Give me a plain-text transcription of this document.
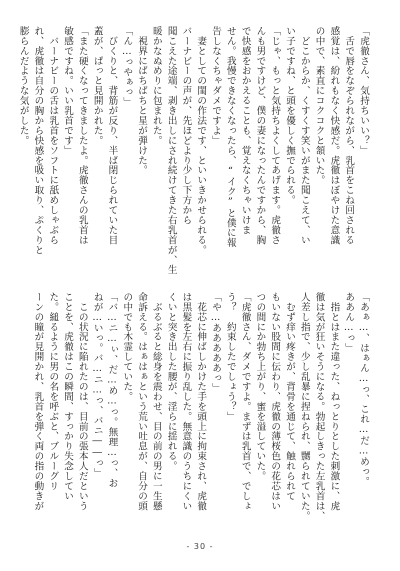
「虎徹さん、気持ちいい？」
　舌で唇をなぞられながら、乳首をこね回される
感覚は、紛れもなく快感だ。虎徹はぼやけた意識
の中で、素直にコクコクと頷いた。
　どこからか、くすくす笑いがまた聞こえて、い
い子ですね、と頭を優しく撫でられる。
「じゃ、もっと気持ちよくしてあげます。虎徹さ
んも男ですけど、僕の妻になったんですから、胸
で快感をおかえることも、覚えなくちゃいけま
せん。我慢できなくなったら、“イク”と僕に報
告しなくちゃダメですよ」
　妻としての閨の作法です、といいきかせられる。
バーナビーの声が、先ほどより少し下方から
聞こえた途端、剥き出しにされ続けてきた右乳首が、生
暖かなぬめりに包まれた。
　視界にばちばちと星が弾けた。
「ん…っやぁっ」
　びくりと、背筋が反り、半ば閉じられていた目
蓋が、ぱっと見開かれた。
「また硬くなってきましたよ。虎徹さんの乳首は
敏感ですね。いい乳首です」
　バーナビーの舌は乳首をソフトに舐めしゃぶら
れ、虎徹は自分の胸から快感を吸い取り、ぷくりと
膨らんだような気がした。
「あぁ…、はぁん…っ、これ…だ…めっ。
ああん…っ」
　指とはまた違った、ねっとりとした刺激に、虎
徹は気が狂いそうになる。勃起しきった左乳首は、
人差し指で、少し乱暴に捏ねられ、嬲られていた。
　むず痒い疼きが、背骨を通じて、触れられて
もいない股間に伝わり、虎徹の薄桜色の花芯はい
つの間にか勃ち上がり、蜜を溢していた。
「虎徹さん、ダメですよ。まずは乳首で、でしょ
う？　約束したでしょう？」
「や…あああああっ」
　花芯に伸ばしかけた手を頭上に拘束され、虎徹
は黒髪を左右に振り乱した。無意識のうちにくい
くいと突き出した腰が、淫らに揺れる。
　ぶるぶると総身を震わせ、目の前の男に一生懸
命訴える。はぁはぁという荒い吐息が、自分の頭
の中でも木霊していた。
「バ…ニ…ぃ、だ…め…っ。無理…っ、お
ねが…いっ。バ…ニ…っ、バニ――っ」
　この状況に陥れたのは、目前の張本人だという
ことを、虎徹はこの瞬間、すっかり失念してい
た。縋るように男の名を呼ぶと、ブルーグリ
ーンの瞳が見開かれ、乳首を弾く両の指の動きが
- 30 -
